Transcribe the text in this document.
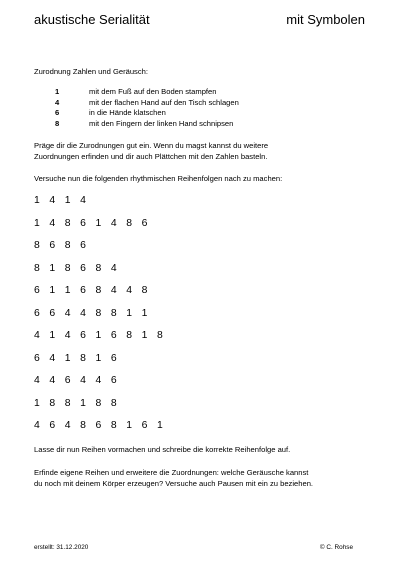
akustische Serialität	mit Symbolen
Zurodnung Zahlen und Geräusch:
1	mit dem Fuß auf den Boden stampfen
4	mit der flachen Hand auf den Tisch schlagen
6	in die Hände klatschen
8	mit den Fingern der linken Hand schnipsen
Präge dir die Zurodnungen gut ein. Wenn du magst kannst du weitere
Zuordnungen erfinden und dir auch Plättchen mit den Zahlen basteln.
Versuche nun die folgenden rhythmischen Reihenfolgen nach zu machen:
1 4 1 4
1 4 8 6 1 4 8 6
8 6 8 6
8 1 8 6 8 4
6 1 1 6 8 4 4 8
6 6 4 4 8 8 1 1
4 1 4 6 1 6 8 1 8
6 4 1 8 1 6
4 4 6 4 4 6
1 8 8 1 8 8
4 6 4 8 6 8 1 6 1
Lasse dir nun Reihen vormachen und schreibe die korrekte Reihenfolge auf.
Erfinde eigene Reihen und erweitere die Zuordnungen: welche Geräusche kannst
du noch mit deinem Körper erzeugen? Versuche auch Pausen mit ein zu beziehen.
erstellt: 31.12.2020	© C. Rohse
